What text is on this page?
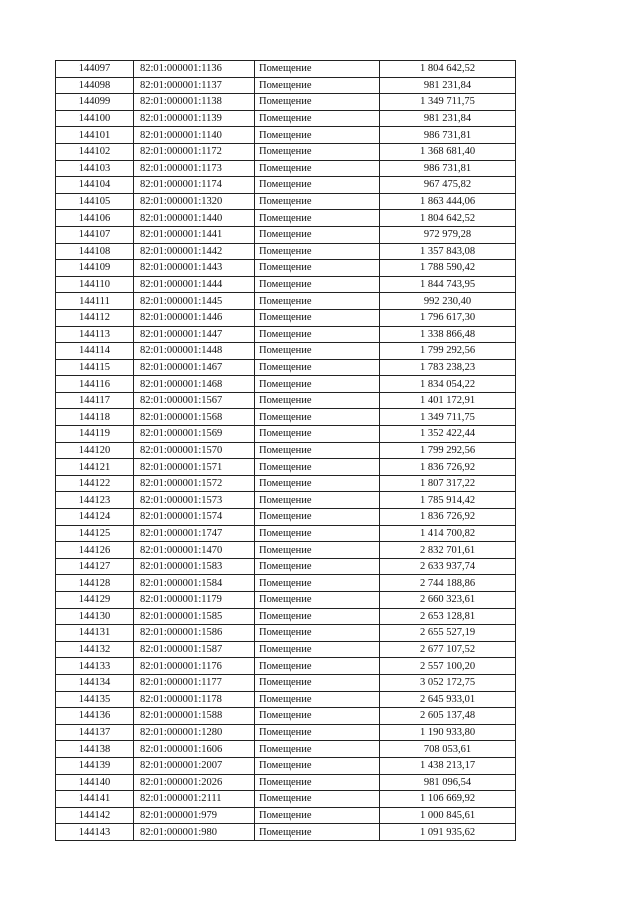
144097	82:01:000001:1136	Помещение	1 804 642,52
144098	82:01:000001:1137	Помещение	981 231,84
144099	82:01:000001:1138	Помещение	1 349 711,75
144100	82:01:000001:1139	Помещение	981 231,84
144101	82:01:000001:1140	Помещение	986 731,81
144102	82:01:000001:1172	Помещение	1 368 681,40
144103	82:01:000001:1173	Помещение	986 731,81
144104	82:01:000001:1174	Помещение	967 475,82
144105	82:01:000001:1320	Помещение	1 863 444,06
144106	82:01:000001:1440	Помещение	1 804 642,52
144107	82:01:000001:1441	Помещение	972 979,28
144108	82:01:000001:1442	Помещение	1 357 843,08
144109	82:01:000001:1443	Помещение	1 788 590,42
144110	82:01:000001:1444	Помещение	1 844 743,95
144111	82:01:000001:1445	Помещение	992 230,40
144112	82:01:000001:1446	Помещение	1 796 617,30
144113	82:01:000001:1447	Помещение	1 338 866,48
144114	82:01:000001:1448	Помещение	1 799 292,56
144115	82:01:000001:1467	Помещение	1 783 238,23
144116	82:01:000001:1468	Помещение	1 834 054,22
144117	82:01:000001:1567	Помещение	1 401 172,91
144118	82:01:000001:1568	Помещение	1 349 711,75
144119	82:01:000001:1569	Помещение	1 352 422,44
144120	82:01:000001:1570	Помещение	1 799 292,56
144121	82:01:000001:1571	Помещение	1 836 726,92
144122	82:01:000001:1572	Помещение	1 807 317,22
144123	82:01:000001:1573	Помещение	1 785 914,42
144124	82:01:000001:1574	Помещение	1 836 726,92
144125	82:01:000001:1747	Помещение	1 414 700,82
144126	82:01:000001:1470	Помещение	2 832 701,61
144127	82:01:000001:1583	Помещение	2 633 937,74
144128	82:01:000001:1584	Помещение	2 744 188,86
144129	82:01:000001:1179	Помещение	2 660 323,61
144130	82:01:000001:1585	Помещение	2 653 128,81
144131	82:01:000001:1586	Помещение	2 655 527,19
144132	82:01:000001:1587	Помещение	2 677 107,52
144133	82:01:000001:1176	Помещение	2 557 100,20
144134	82:01:000001:1177	Помещение	3 052 172,75
144135	82:01:000001:1178	Помещение	2 645 933,01
144136	82:01:000001:1588	Помещение	2 605 137,48
144137	82:01:000001:1280	Помещение	1 190 933,80
144138	82:01:000001:1606	Помещение	708 053,61
144139	82:01:000001:2007	Помещение	1 438 213,17
144140	82:01:000001:2026	Помещение	981 096,54
144141	82:01:000001:2111	Помещение	1 106 669,92
144142	82:01:000001:979	Помещение	1 000 845,61
144143	82:01:000001:980	Помещение	1 091 935,62
